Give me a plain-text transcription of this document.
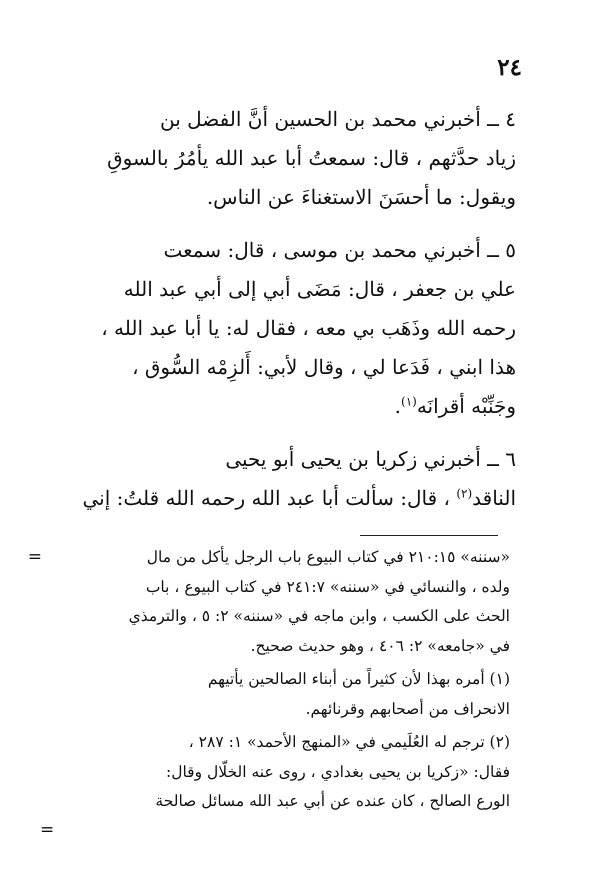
٢٤
٤ ــ أخبرني محمد بن الحسين أنَّ الفضل بن
زياد حدَّثهم ، قال: سمعتُ أبا عبد الله يأمُرُ بالسوقِ
ويقول: ما أحسَنَ الاستغناءَ عن الناس.
٥ ــ أخبرني محمد بن موسى ، قال: سمعت
علي بن جعفر ، قال: مَضَى أبي إلى أبي عبد الله
رحمه الله وذَهَب بي معه ، فقال له: يا أبا عبد الله ،
هذا ابني ، فَدَعا لي ، وقال لأبي: أَلزِمْه السُّوق ،
وجَنِّبْه أقرانَه$^{(١)}$.
٦ ــ أخبرني زكريا بن يحيى أبو يحيى
الناقد$^{(٢)}$ ، قال: سألت أبا عبد الله رحمه الله قلتُ: إني
=	«سننه» ٢١٠:١٥ في كتاب البيوع باب الرجل يأكل من مال
ولده ، والنسائي في «سننه» ٢٤١:٧ في كتاب البيوع ، باب
الحث على الكسب ، وابن ماجه في «سننه» ٢: ٥ ، والترمذي
في «جامعه» ٢: ٤٠٦ ، وهو حديث صحيح.
(١) أمره بهذا لأن كثيراً من أبناء الصالحين يأتيهم
الانحراف من أصحابهم وقرنائهم.
(٢) ترجم له العُلَيمي في «المنهج الأحمد» ١: ٢٨٧ ،
فقال: «زكريا بن يحيى بغدادي ، روى عنه الخلّال وقال:
الورع الصالح ، كان عنده عن أبي عبد الله مسائل صالحة
=
